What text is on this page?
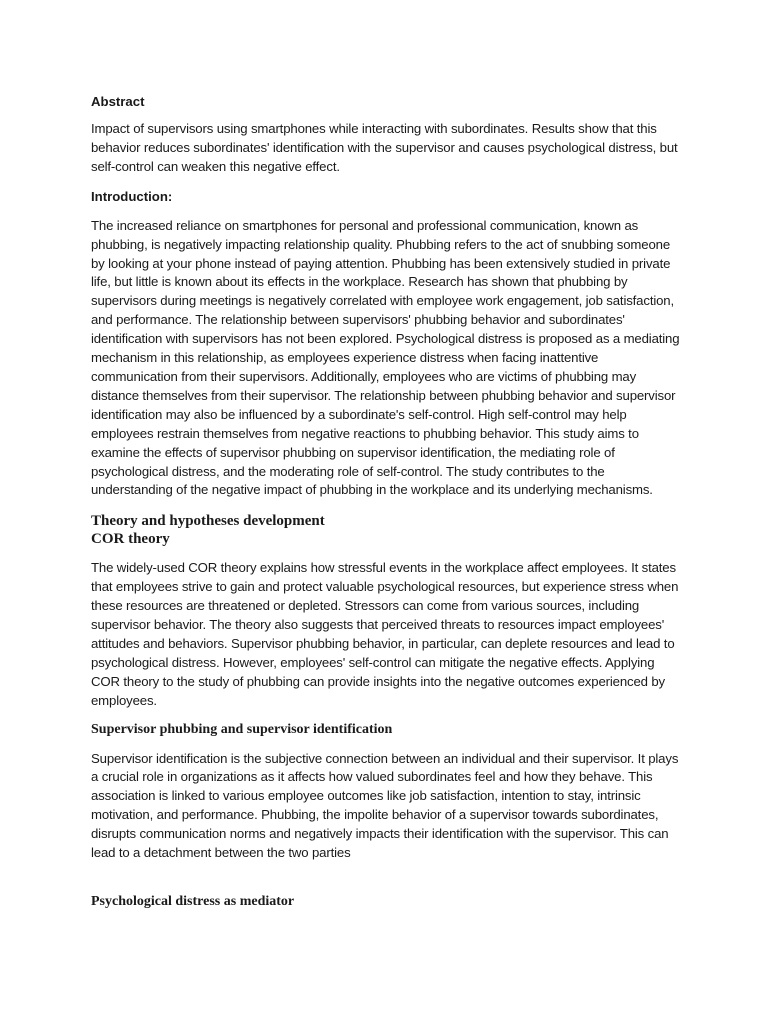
Abstract

Impact of supervisors using smartphones while interacting with subordinates. Results show that this behavior reduces subordinates' identification with the supervisor and causes psychological distress, but self-control can weaken this negative effect.

Introduction:

The increased reliance on smartphones for personal and professional communication, known as phubbing, is negatively impacting relationship quality. Phubbing refers to the act of snubbing someone by looking at your phone instead of paying attention. Phubbing has been extensively studied in private life, but little is known about its effects in the workplace. Research has shown that phubbing by supervisors during meetings is negatively correlated with employee work engagement, job satisfaction, and performance. The relationship between supervisors' phubbing behavior and subordinates' identification with supervisors has not been explored. Psychological distress is proposed as a mediating mechanism in this relationship, as employees experience distress when facing inattentive communication from their supervisors. Additionally, employees who are victims of phubbing may distance themselves from their supervisor. The relationship between phubbing behavior and supervisor identification may also be influenced by a subordinate's self-control. High self-control may help employees restrain themselves from negative reactions to phubbing behavior. This study aims to examine the effects of supervisor phubbing on supervisor identification, the mediating role of psychological distress, and the moderating role of self-control. The study contributes to the understanding of the negative impact of phubbing in the workplace and its underlying mechanisms.

Theory and hypotheses development
COR theory

The widely-used COR theory explains how stressful events in the workplace affect employees. It states that employees strive to gain and protect valuable psychological resources, but experience stress when these resources are threatened or depleted. Stressors can come from various sources, including supervisor behavior. The theory also suggests that perceived threats to resources impact employees' attitudes and behaviors. Supervisor phubbing behavior, in particular, can deplete resources and lead to psychological distress. However, employees' self-control can mitigate the negative effects. Applying COR theory to the study of phubbing can provide insights into the negative outcomes experienced by employees.

Supervisor phubbing and supervisor identification

Supervisor identification is the subjective connection between an individual and their supervisor. It plays a crucial role in organizations as it affects how valued subordinates feel and how they behave. This association is linked to various employee outcomes like job satisfaction, intention to stay, intrinsic motivation, and performance. Phubbing, the impolite behavior of a supervisor towards subordinates, disrupts communication norms and negatively impacts their identification with the supervisor. This can lead to a detachment between the two parties

Psychological distress as mediator
